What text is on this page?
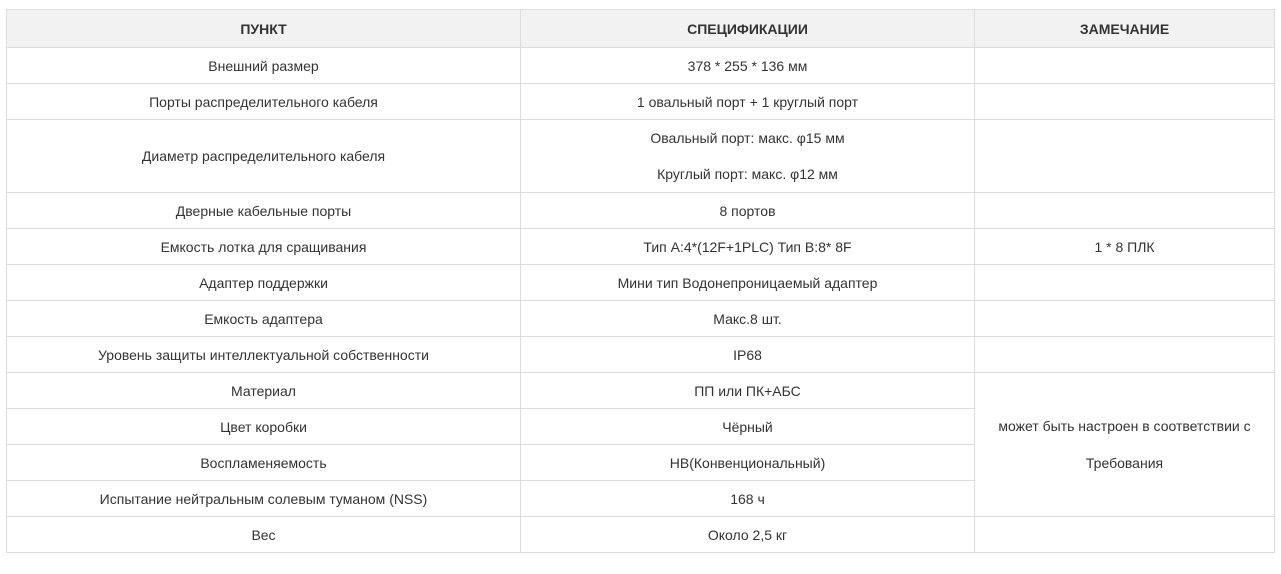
ПУНКТ	СПЕЦИФИКАЦИИ	ЗАМЕЧАНИЕ
Внешний размер	378 * 255 * 136 мм	
Порты распределительного кабеля	1 овальный порт + 1 круглый порт	
Диаметр распределительного кабеля	Овальный порт: макс. φ15 мм
Круглый порт: макс. φ12 мм	

Дверные кабельные порты	8 портов	
Емкость лотка для сращивания	Тип A:4*(12F+1PLC) Тип B:8* 8F	1 * 8 ПЛК
Адаптер поддержки	Мини тип Водонепроницаемый адаптер	
Емкость адаптера	Макс.8 шт.	
Уровень защиты интеллектуальной собственности	IP68	
Материал	ПП или ПК+АБС	может быть настроен в соответствии с
Требования

Цвет коробки	Чёрный	
Воспламеняемость	HB(Конвенциональный)	
Испытание нейтральным солевым туманом (NSS)	168 ч	
Вес	Около 2,5 кг	
